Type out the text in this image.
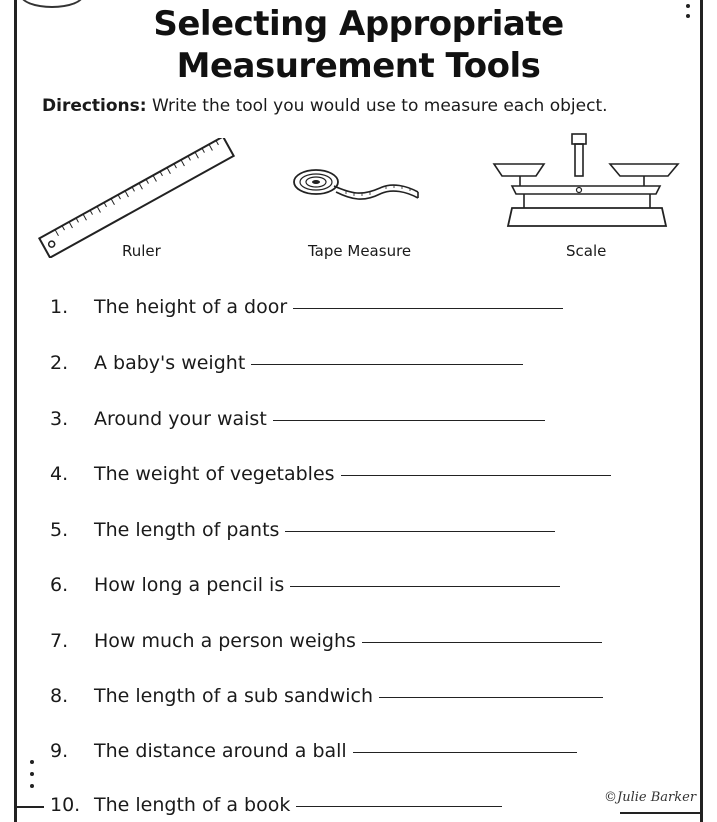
Selecting Appropriate
Measurement Tools
Directions: Write the tool you would use to measure each object.
Ruler	Tape Measure	Scale
1.	The height of a door
2.	A baby's weight
3.	Around your waist
4.	The weight of vegetables
5.	The length of pants
6.	How long a pencil is
7.	How much a person weighs
8.	The length of a sub sandwich
9.	The distance around a ball
10. The length of a book	©Julie Barker
